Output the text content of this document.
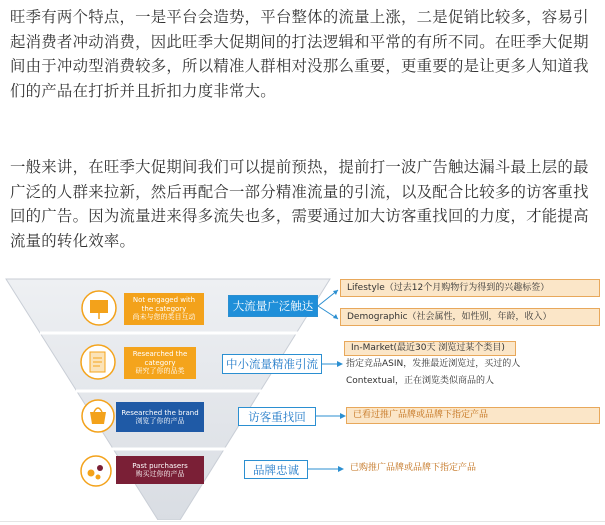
旺季有两个特点，一是平台会造势，平台整体的流量上涨，二是促销比较多，容易引起消费者冲动消费，因此旺季大促期间的打法逻辑和平常的有所不同。在旺季大促期间由于冲动型消费较多，所以精准人群相对没那么重要，更重要的是让更多人知道我们的产品在打折并且折扣力度非常大。

一般来讲，在旺季大促期间我们可以提前预热，提前打一波广告触达漏斗最上层的最广泛的人群来拉新，然后再配合一部分精准流量的引流，以及配合比较多的访客重找回的广告。因为流量进来得多流失也多，需要通过加大访客重找回的力度，才能提高流量的转化效率。

Not engaged with the category
尚未与您的类目互动
Researched the category
研究了你的品类
Researched the brand
浏览了你的产品
Past purchasers
购买过你的产品
大流量广泛触达
中小流量精准引流
访客重找回
品牌忠诚
Lifestyle（过去12个月购物行为得到的兴趣标签）
Demographic（社会属性，如性别，年龄，收入）
In-Market(最近30天 浏览过某个类目)
指定竞品ASIN，发推最近浏览过，买过的人
Contextual，正在浏览类似商品的人
已看过推广品牌或品牌下指定产品
已购推广品牌或品牌下指定产品
